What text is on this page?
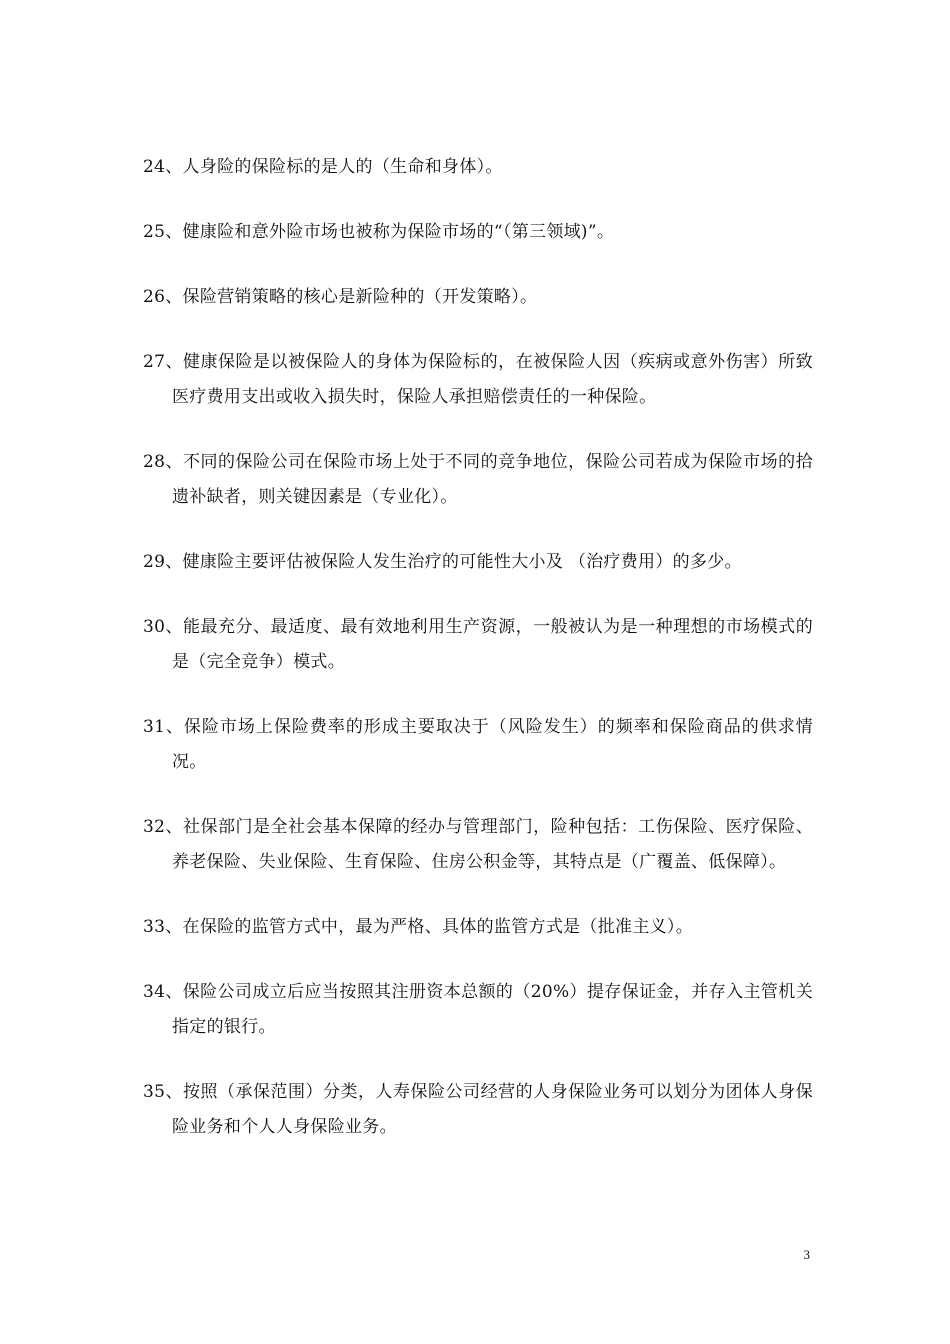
24、人身险的保险标的是人的（生命和身体）。

25、健康险和意外险市场也被称为保险市场的“（第三领域)”。

26、保险营销策略的核心是新险种的（开发策略）。

27、健康保险是以被保险人的身体为保险标的，在被保险人因（疾病或意外伤害）所致医疗费用支出或收入损失时，保险人承担赔偿责任的一种保险。

28、不同的保险公司在保险市场上处于不同的竞争地位，保险公司若成为保险市场的拾遗补缺者，则关键因素是（专业化）。

29、健康险主要评估被保险人发生治疗的可能性大小及 （治疗费用）的多少。

30、能最充分、最适度、最有效地利用生产资源，一般被认为是一种理想的市场模式的是（完全竞争）模式。

31、保险市场上保险费率的形成主要取决于（风险发生）的频率和保险商品的供求情况。

32、社保部门是全社会基本保障的经办与管理部门，险种包括：工伤保险、医疗保险、养老保险、失业保险、生育保险、住房公积金等，其特点是（广覆盖、低保障）。

33、在保险的监管方式中，最为严格、具体的监管方式是（批准主义）。

34、保险公司成立后应当按照其注册资本总额的（20%）提存保证金，并存入主管机关指定的银行。

35、按照（承保范围）分类，人寿保险公司经营的人身保险业务可以划分为团体人身保险业务和个人人身保险业务。

3
